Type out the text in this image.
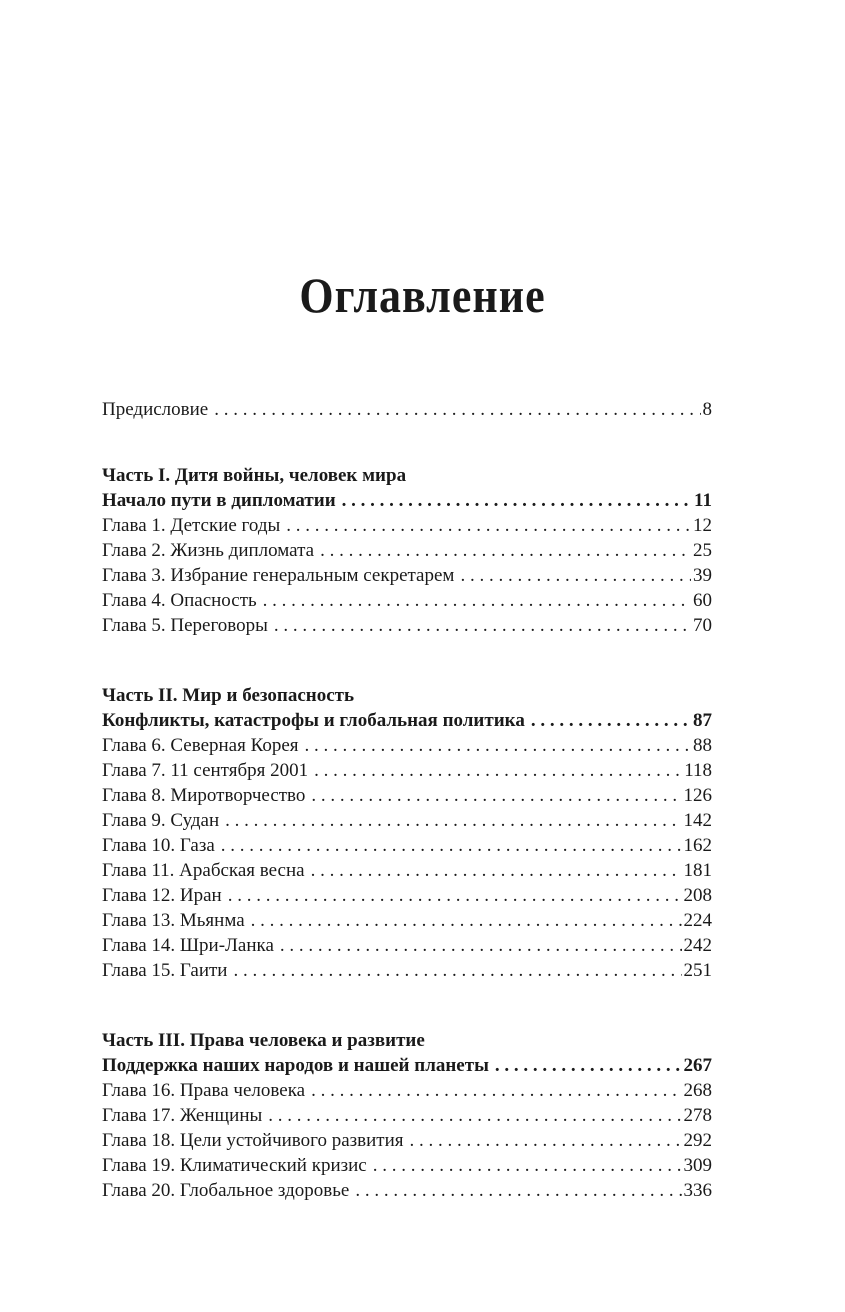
Оглавление
Предисловие . . .	8
Часть I. Дитя войны, человек мира
Начало пути в дипломатии . . .	11
Глава 1. Детские годы . . .	12
Глава 2. Жизнь дипломата . . .	25
Глава 3. Избрание генеральным секретарем . . .	39
Глава 4. Опасность . . .	60
Глава 5. Переговоры . . .	70
Часть II. Мир и безопасность
Конфликты, катастрофы и глобальная политика . . .	87
Глава 6. Северная Корея . . .	88
Глава 7. 11 сентября 2001 . . .	118
Глава 8. Миротворчество . . .	126
Глава 9. Судан . . .	142
Глава 10. Газа . . .	162
Глава 11. Арабская весна . . .	181
Глава 12. Иран . . .	208
Глава 13. Мьянма . . .	224
Глава 14. Шри-Ланка . . .	242
Глава 15. Гаити . . .	251
Часть III. Права человека и развитие
Поддержка наших народов и нашей планеты . . .	267
Глава 16. Права человека . . .	268
Глава 17. Женщины . . .	278
Глава 18. Цели устойчивого развития . . .	292
Глава 19. Климатический кризис . . .	309
Глава 20. Глобальное здоровье . . .	336
